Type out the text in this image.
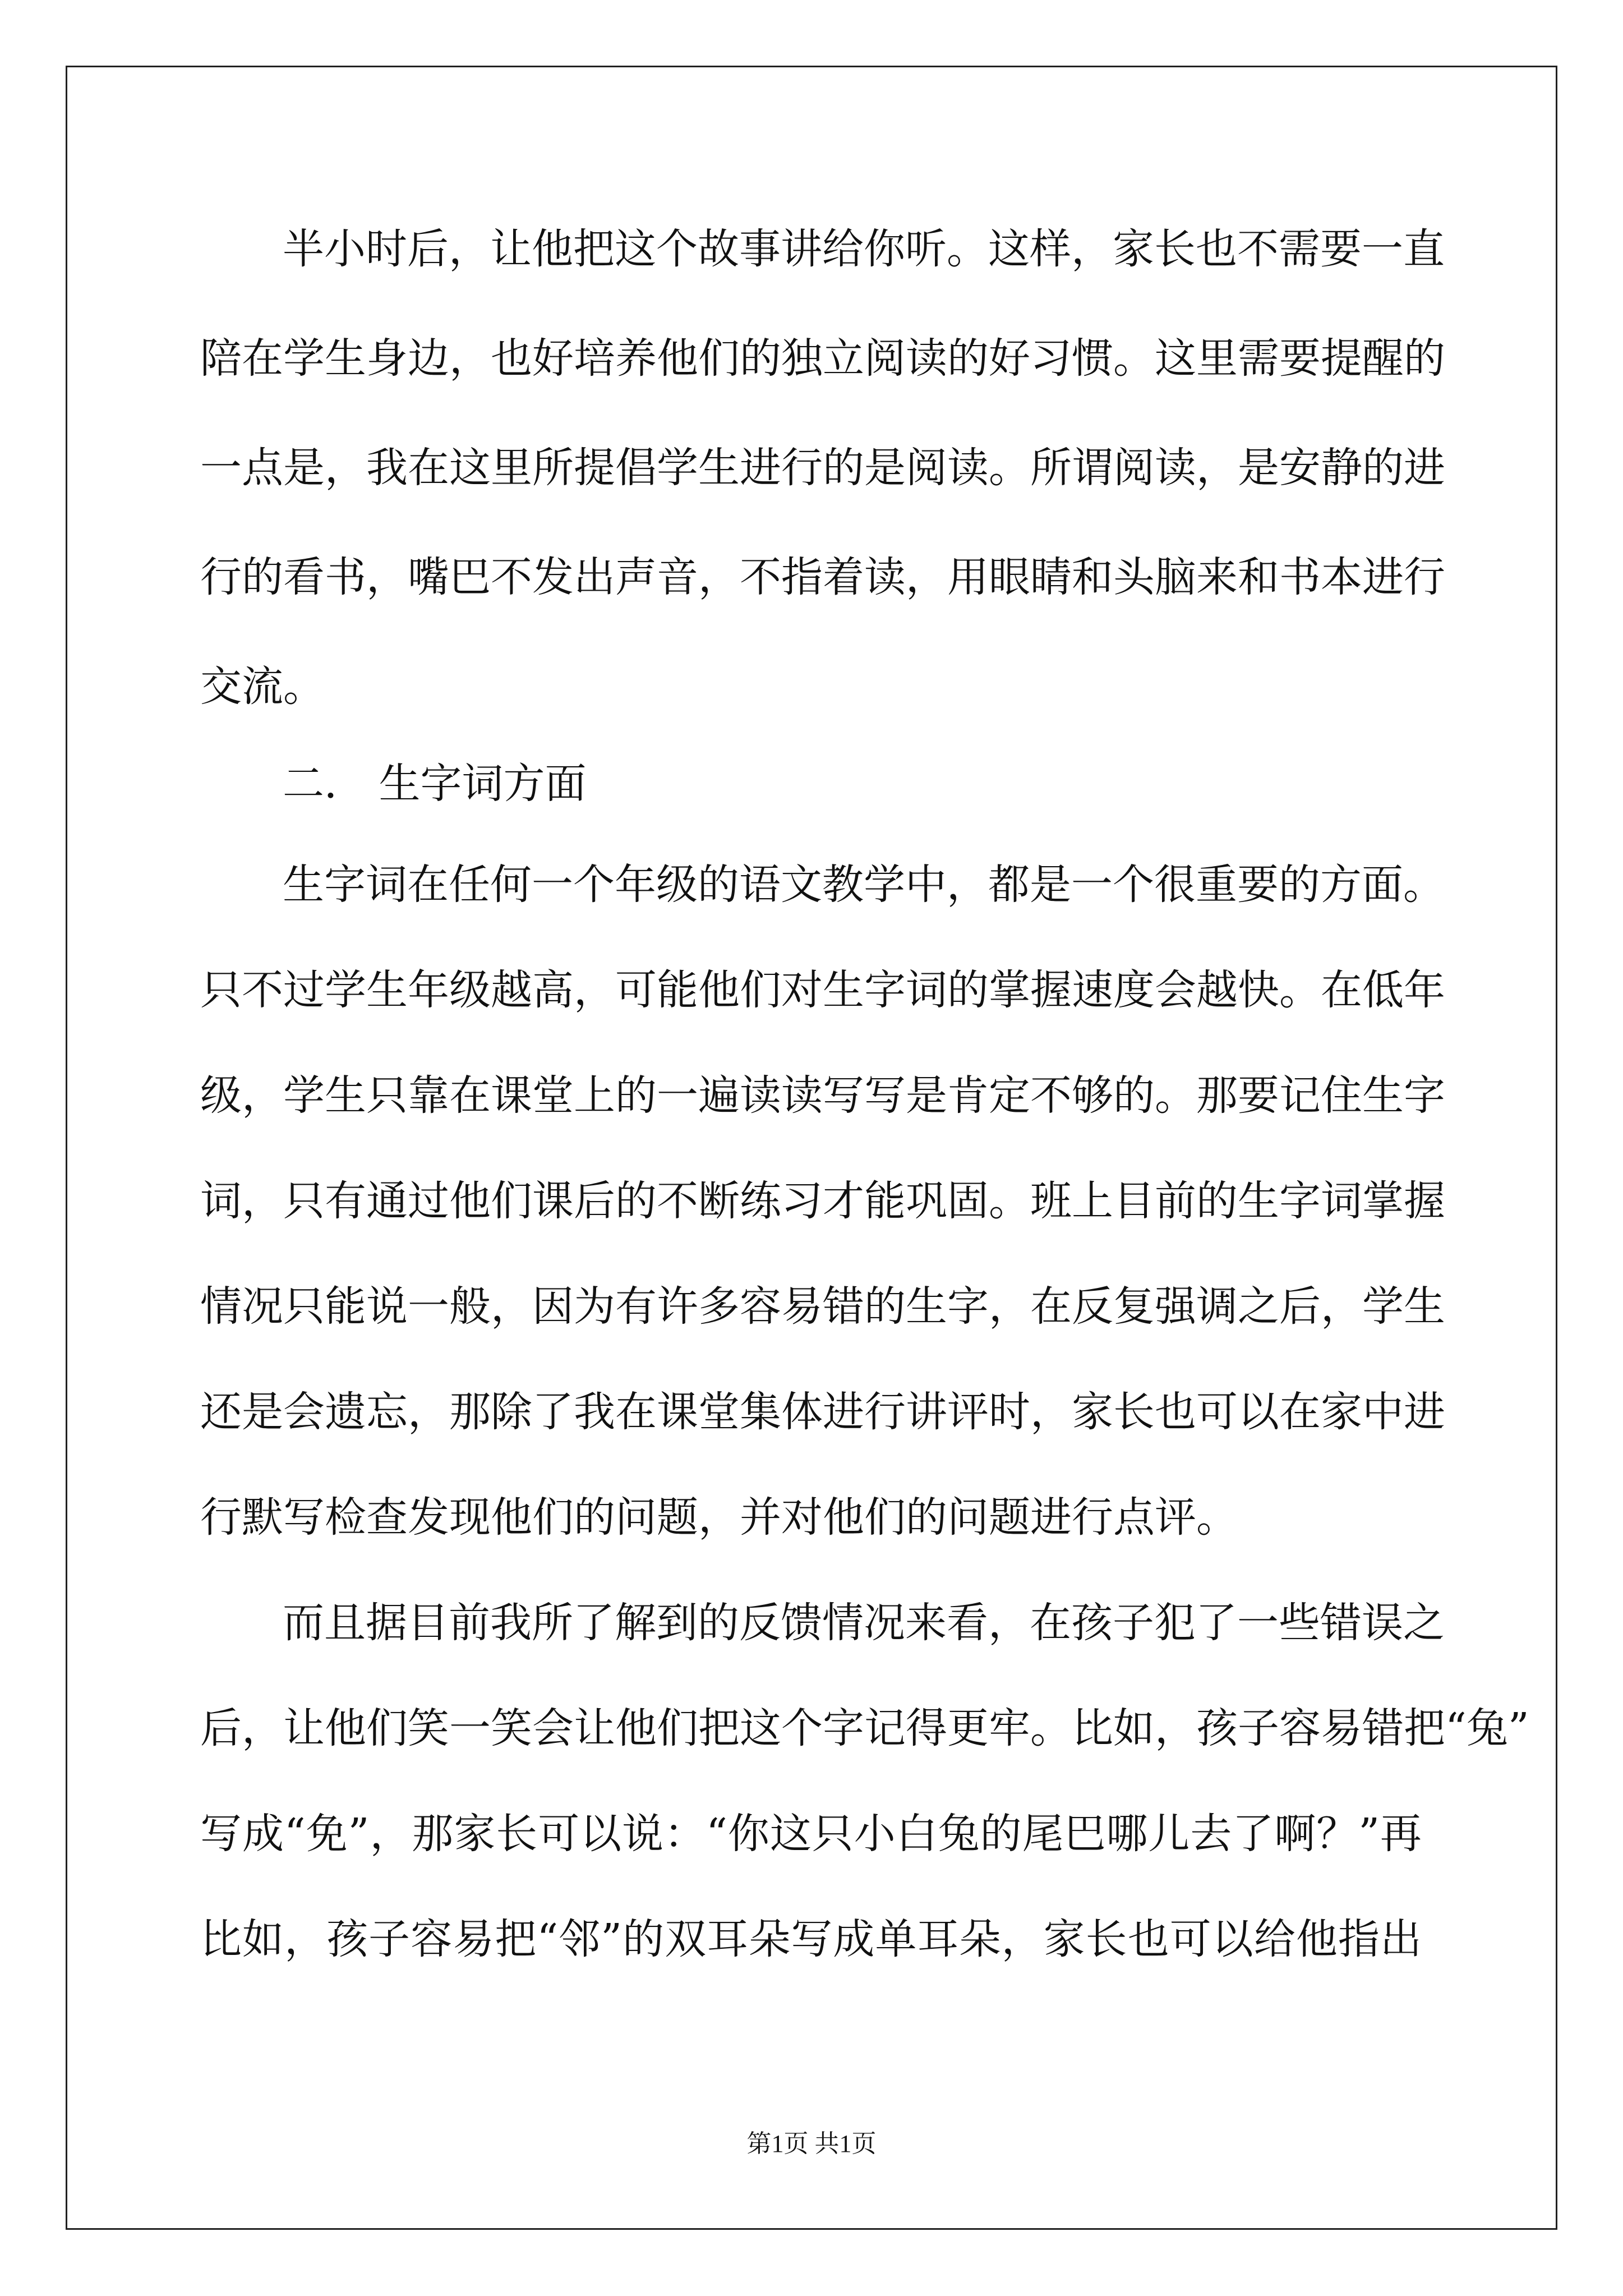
半小时后，让他把这个故事讲给你听。这样，家长也不需要一直
陪在学生身边，也好培养他们的独立阅读的好习惯。这里需要提醒的
一点是，我在这里所提倡学生进行的是阅读。所谓阅读，是安静的进
行的看书，嘴巴不发出声音，不指着读，用眼睛和头脑来和书本进行
交流。
二． 生字词方面
生字词在任何一个年级的语文教学中，都是一个很重要的方面。
只不过学生年级越高，可能他们对生字词的掌握速度会越快。在低年
级，学生只靠在课堂上的一遍读读写写是肯定不够的。那要记住生字
词，只有通过他们课后的不断练习才能巩固。班上目前的生字词掌握
情况只能说一般，因为有许多容易错的生字，在反复强调之后，学生
还是会遗忘，那除了我在课堂集体进行讲评时，家长也可以在家中进
行默写检查发现他们的问题，并对他们的问题进行点评。
而且据目前我所了解到的反馈情况来看，在孩子犯了一些错误之
后，让他们笑一笑会让他们把这个字记得更牢。比如，孩子容易错把“兔”
写成“免”，那家长可以说：“你这只小白兔的尾巴哪儿去了啊？”再
比如，孩子容易把“邻”的双耳朵写成单耳朵，家长也可以给他指出
第1页 共1页
